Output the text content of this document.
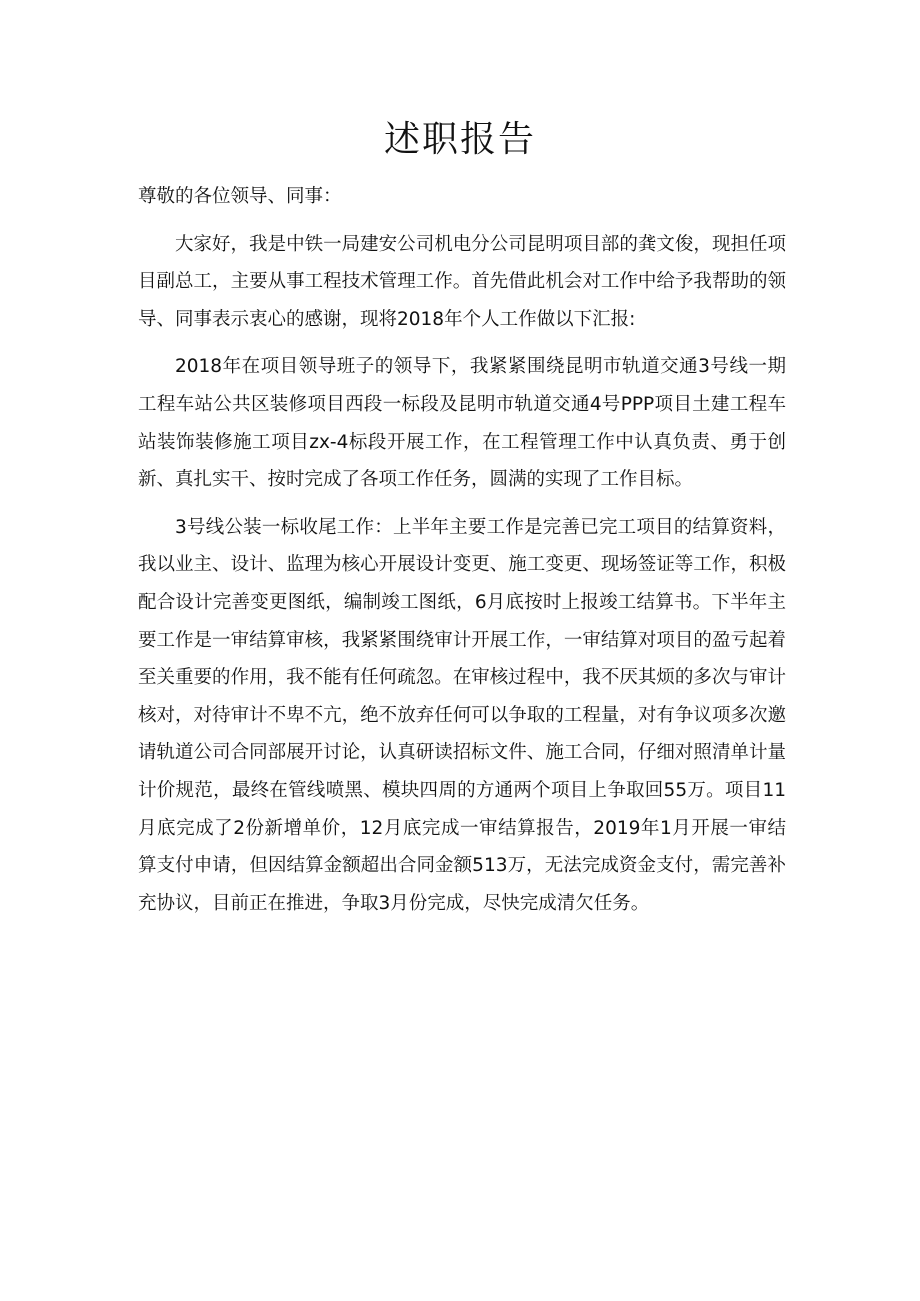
述职报告

尊敬的各位领导、同事：

大家好，我是中铁一局建安公司机电分公司昆明项目部的龚文俊，现担任项目副总工，主要从事工程技术管理工作。首先借此机会对工作中给予我帮助的领导、同事表示衷心的感谢，现将2018年个人工作做以下汇报:

2018年在项目领导班子的领导下，我紧紧围绕昆明市轨道交通3号线一期工程车站公共区装修项目西段一标段及昆明市轨道交通4号PPP项目土建工程车站装饰装修施工项目zx-4标段开展工作，在工程管理工作中认真负责、勇于创新、真扎实干、按时完成了各项工作任务，圆满的实现了工作目标。

3号线公装一标收尾工作：上半年主要工作是完善已完工项目的结算资料，我以业主、设计、监理为核心开展设计变更、施工变更、现场签证等工作，积极配合设计完善变更图纸，编制竣工图纸，6月底按时上报竣工结算书。下半年主要工作是一审结算审核，我紧紧围绕审计开展工作，一审结算对项目的盈亏起着至关重要的作用，我不能有任何疏忽。在审核过程中，我不厌其烦的多次与审计核对，对待审计不卑不亢，绝不放弃任何可以争取的工程量，对有争议项多次邀请轨道公司合同部展开讨论，认真研读招标文件、施工合同，仔细对照清单计量计价规范，最终在管线喷黑、模块四周的方通两个项目上争取回55万。项目11月底完成了2份新增单价，12月底完成一审结算报告，2019年1月开展一审结算支付申请，但因结算金额超出合同金额513万，无法完成资金支付，需完善补充协议，目前正在推进，争取3月份完成，尽快完成清欠任务。
